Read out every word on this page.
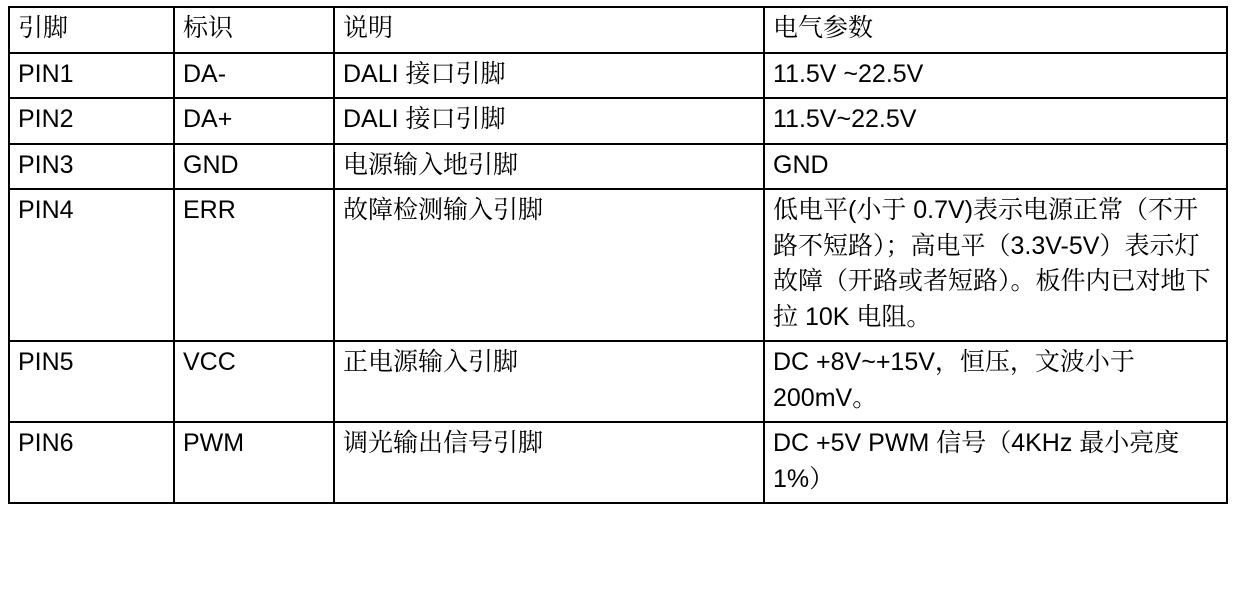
引脚	标识	说明	电气参数
PIN1	DA-	DALI 接口引脚	11.5V ~22.5V
PIN2	DA+	DALI 接口引脚	11.5V~22.5V
PIN3	GND	电源输入地引脚	GND
PIN4	ERR	故障检测输入引脚	低电平(小于 0.7V)表示电源正常（不开路不短路）；高电平（3.3V-5V）表示灯故障（开路或者短路）。板件内已对地下拉 10K 电阻。
PIN5	VCC	正电源输入引脚	DC +8V~+15V，恒压，文波小于 200mV。
PIN6	PWM	调光输出信号引脚	DC +5V PWM 信号（4KHz 最小亮度 1%）
